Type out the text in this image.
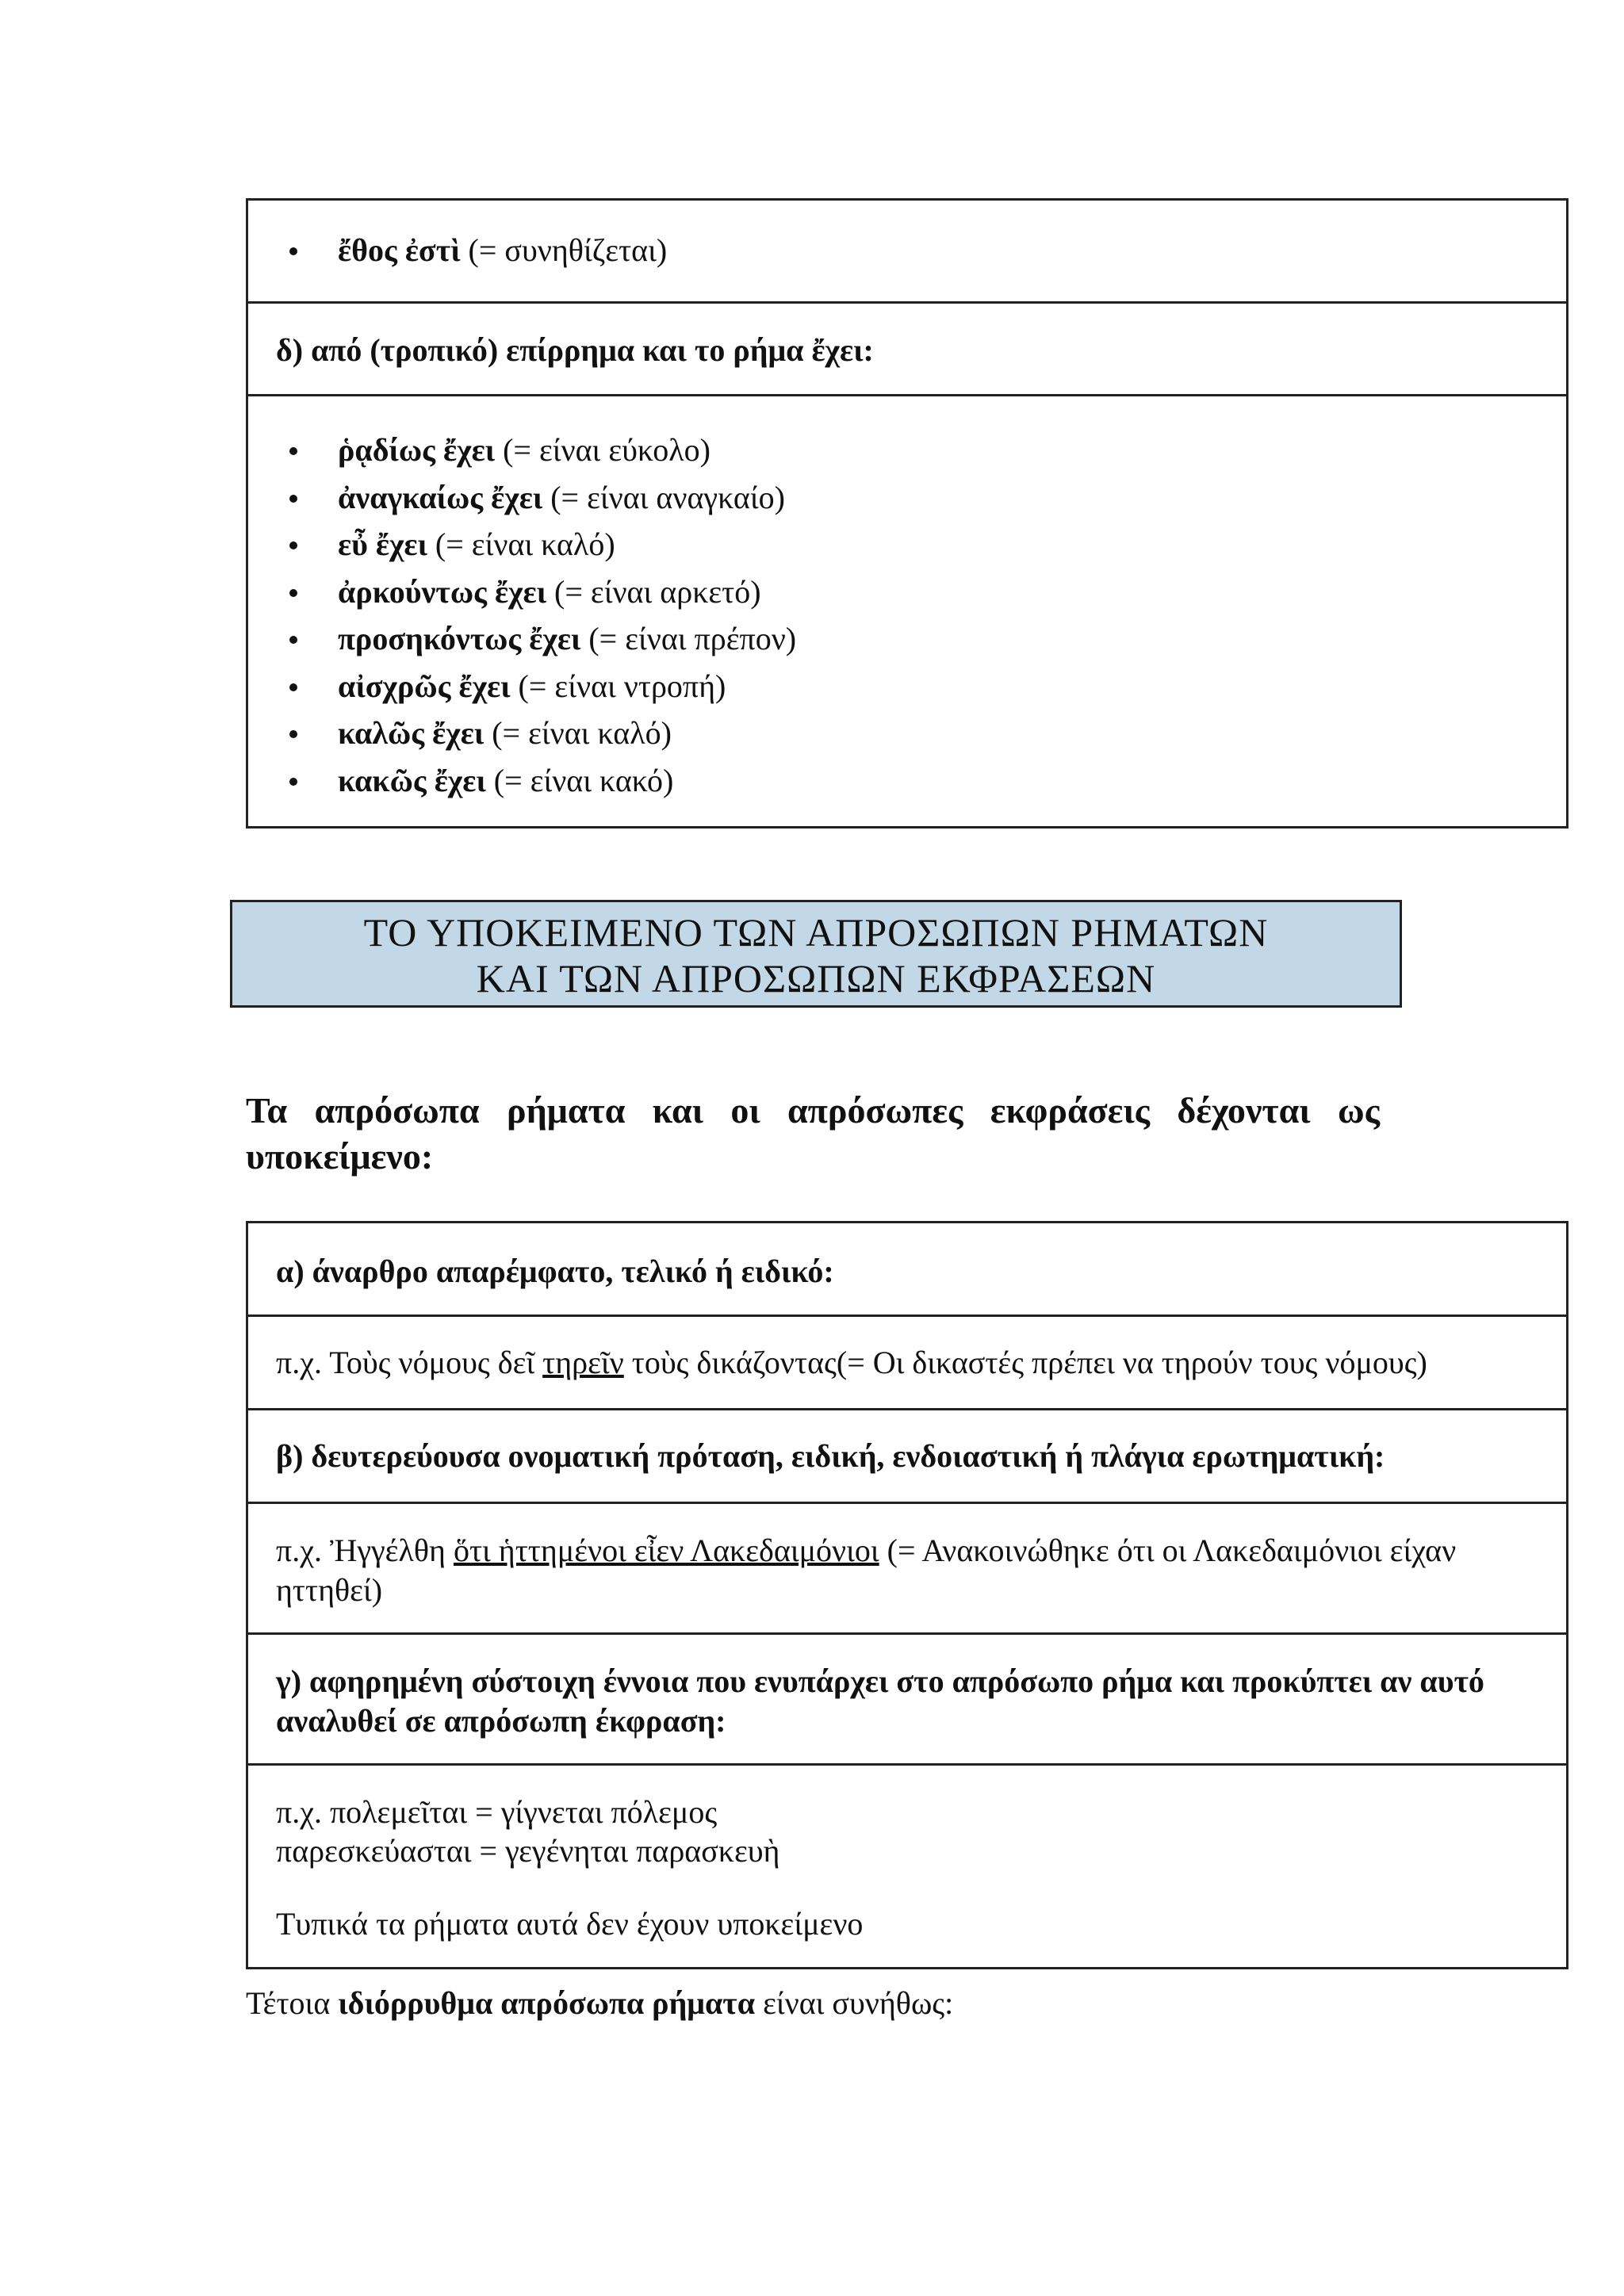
ἔθος ἐστὶ (= συνηθίζεται)
δ) από (τροπικό) επίρρημα και το ρήμα ἔχει:
ῥᾳδίως ἔχει (= είναι εύκολο)
ἀναγκαίως ἔχει (= είναι αναγκαίο)
εὖ ἔχει (= είναι καλό)
ἀρκούντως ἔχει (= είναι αρκετό)
προσηκόντως ἔχει (= είναι πρέπον)
αἰσχρῶς ἔχει (= είναι ντροπή)
καλῶς ἔχει (= είναι καλό)
κακῶς ἔχει (= είναι κακό)
ΤΟ ΥΠΟΚΕΙΜΕΝΟ ΤΩΝ ΑΠΡΟΣΩΠΩΝ ΡΗΜΑΤΩΝ
ΚΑΙ ΤΩΝ ΑΠΡΟΣΩΠΩΝ ΕΚΦΡΑΣΕΩΝ
Τα απρόσωπα ρήματα και οι απρόσωπες εκφράσεις δέχονται ως
υποκείμενο:
α) άναρθρο απαρέμφατο, τελικό ή ειδικό:
π.χ. Τοὺς νόμους δεῖ τηρεῖν τοὺς δικάζοντας(= Οι δικαστές πρέπει να τηρούν τους νόμους)
β) δευτερεύουσα ονοματική πρόταση, ειδική, ενδοιαστική ή πλάγια ερωτηματική:
π.χ. Ἠγγέλθη ὅτι ἡττημένοι εἶεν Λακεδαιμόνιοι (= Ανακοινώθηκε ότι οι Λακεδαιμόνιοι είχαν
ηττηθεί)
γ) αφηρημένη σύστοιχη έννοια που ενυπάρχει στο απρόσωπο ρήμα και προκύπτει αν αυτό
αναλυθεί σε απρόσωπη έκφραση:
π.χ. πολεμεῖται = γίγνεται πόλεμος
παρεσκεύασται = γεγένηται παρασκευὴ
Τυπικά τα ρήματα αυτά δεν έχουν υποκείμενο
Τέτοια ιδιόρρυθμα απρόσωπα ρήματα είναι συνήθως:
